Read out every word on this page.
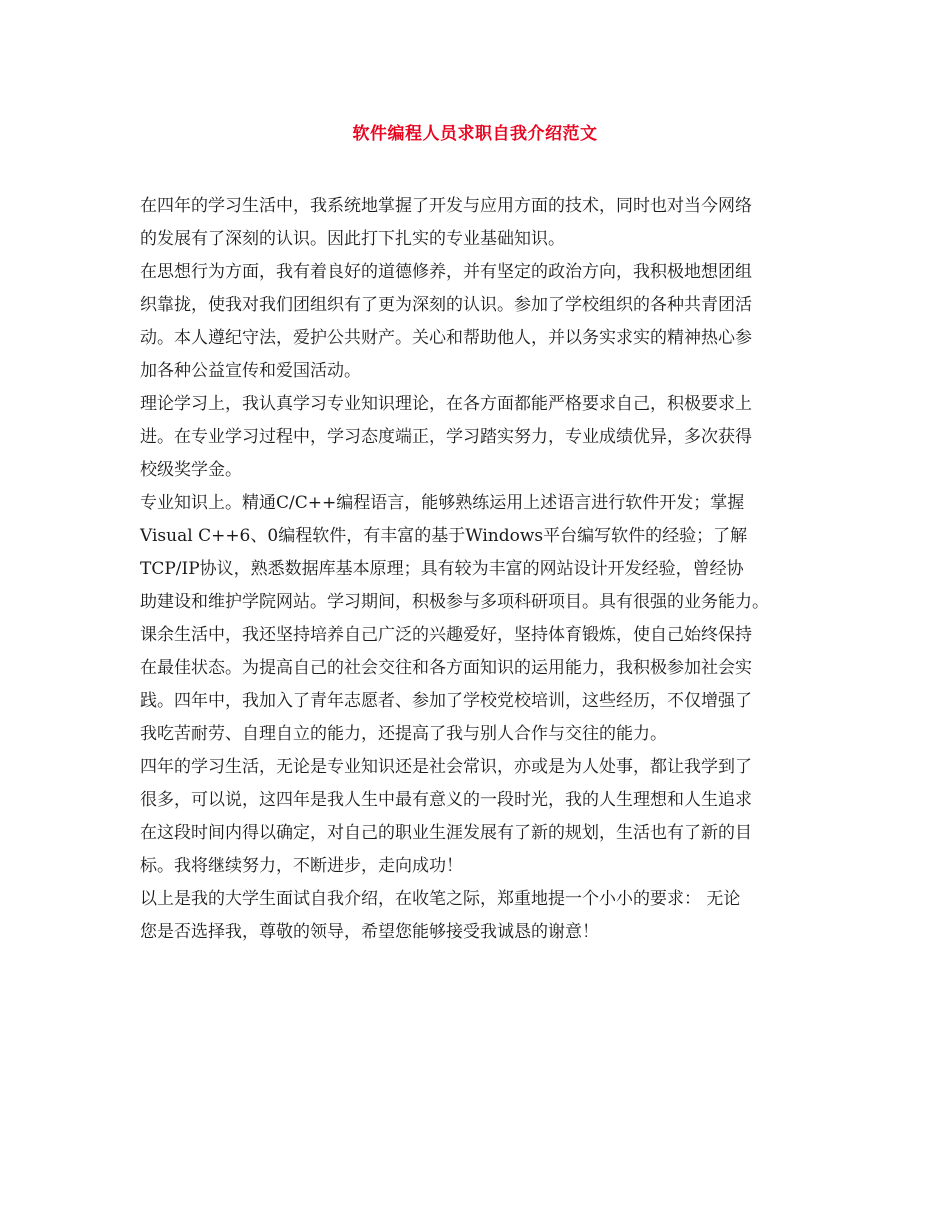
软件编程人员求职自我介绍范文
在四年的学习生活中，我系统地掌握了开发与应用方面的技术，同时也对当今网络
的发展有了深刻的认识。因此打下扎实的专业基础知识。
在思想行为方面，我有着良好的道德修养，并有坚定的政治方向，我积极地想团组
织靠拢，使我对我们团组织有了更为深刻的认识。参加了学校组织的各种共青团活
动。本人遵纪守法，爱护公共财产。关心和帮助他人，并以务实求实的精神热心参
加各种公益宣传和爱国活动。
理论学习上，我认真学习专业知识理论，在各方面都能严格要求自己，积极要求上
进。在专业学习过程中，学习态度端正，学习踏实努力，专业成绩优异，多次获得
校级奖学金。
专业知识上。精通C/C++编程语言，能够熟练运用上述语言进行软件开发；掌握
Visual C++6、0编程软件，有丰富的基于Windows平台编写软件的经验；了解
TCP/IP协议，熟悉数据库基本原理；具有较为丰富的网站设计开发经验，曾经协
助建设和维护学院网站。学习期间，积极参与多项科研项目。具有很强的业务能力。
课余生活中，我还坚持培养自己广泛的兴趣爱好，坚持体育锻炼，使自己始终保持
在最佳状态。为提高自己的社会交往和各方面知识的运用能力，我积极参加社会实
践。四年中，我加入了青年志愿者、参加了学校党校培训，这些经历，不仅增强了
我吃苦耐劳、自理自立的能力，还提高了我与别人合作与交往的能力。
四年的学习生活，无论是专业知识还是社会常识，亦或是为人处事，都让我学到了
很多，可以说，这四年是我人生中最有意义的一段时光，我的人生理想和人生追求
在这段时间内得以确定，对自己的职业生涯发展有了新的规划，生活也有了新的目
标。我将继续努力，不断进步，走向成功！
以上是我的大学生面试自我介绍，在收笔之际，郑重地提一个小小的要求： 无论
您是否选择我，尊敬的领导，希望您能够接受我诚恳的谢意！
